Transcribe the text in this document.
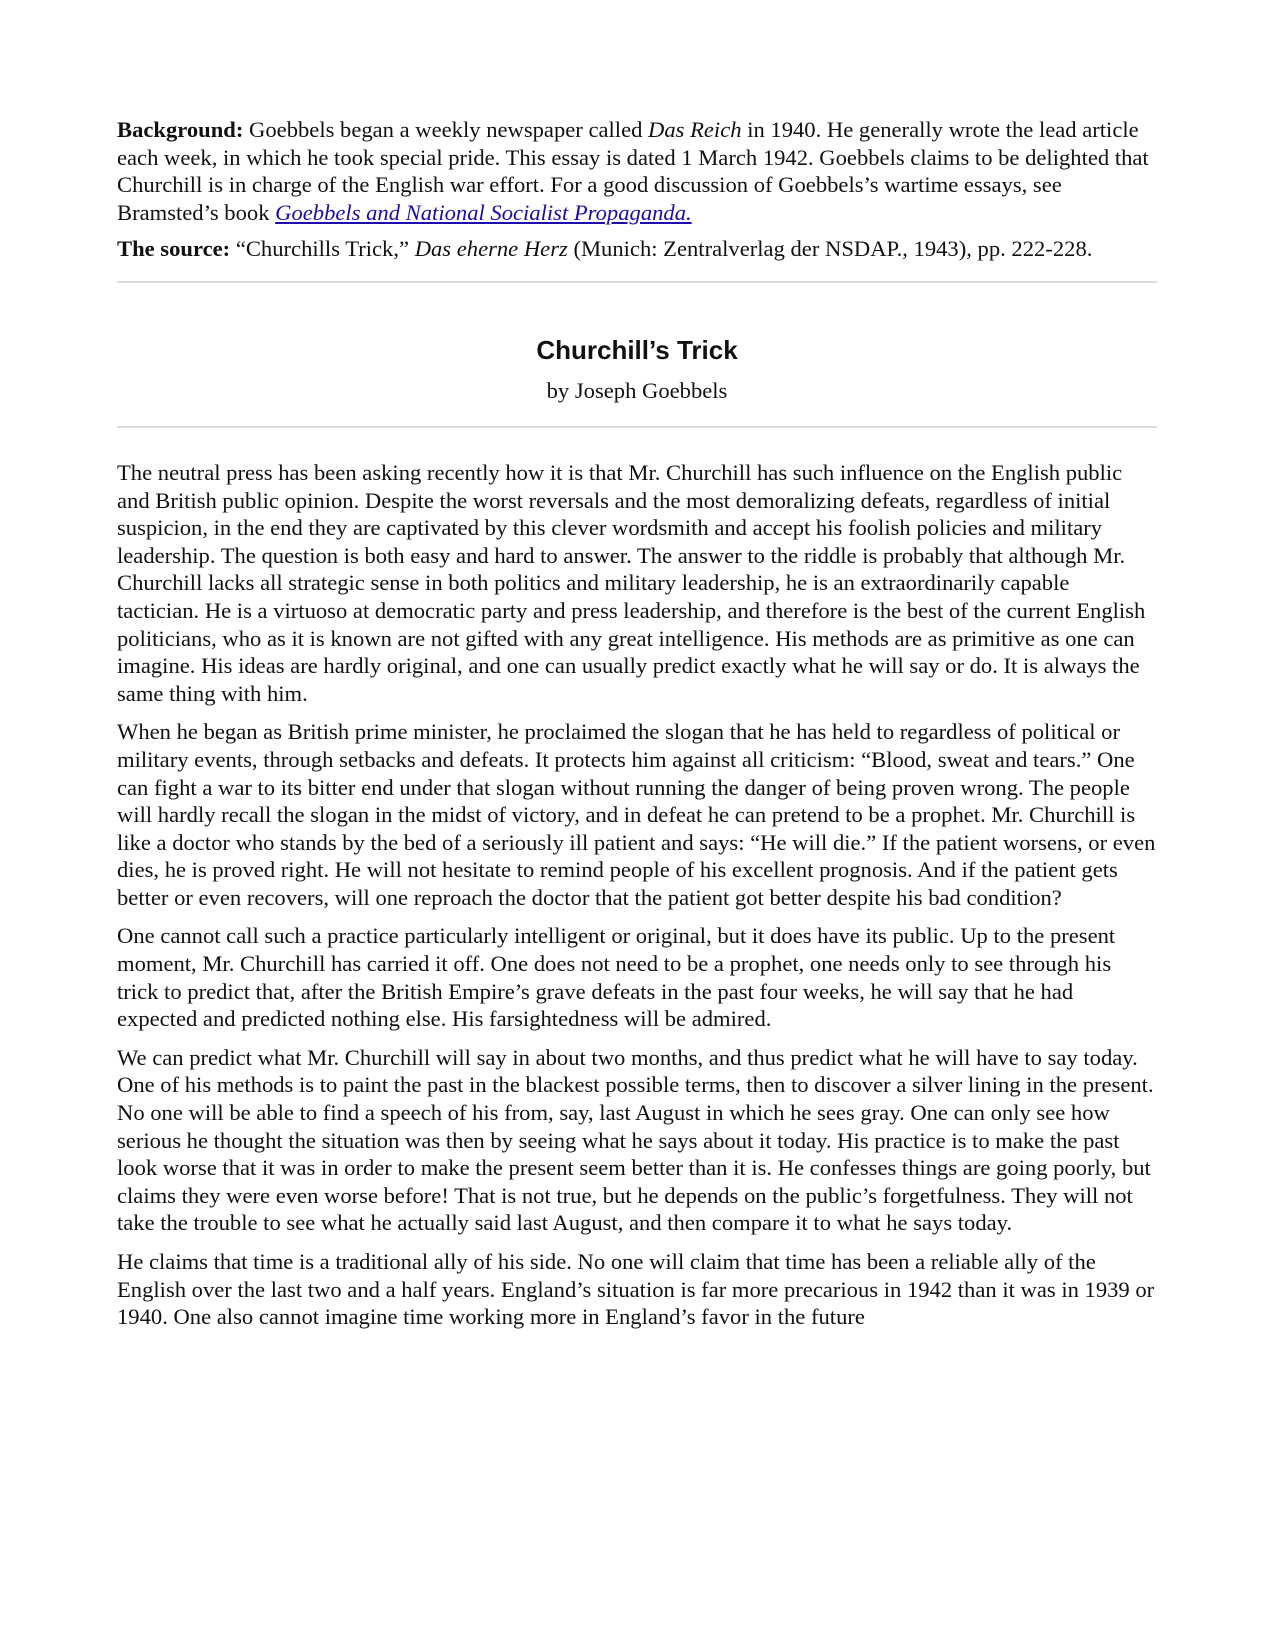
Background: Goebbels began a weekly newspaper called Das Reich in 1940. He generally wrote the lead article each week, in which he took special pride. This essay is dated 1 March 1942. Goebbels claims to be delighted that Churchill is in charge of the English war effort. For a good discussion of Goebbels’s wartime essays, see Bramsted’s book Goebbels and National Socialist Propaganda.

The source: “Churchills Trick,” Das eherne Herz (Munich: Zentralverlag der NSDAP., 1943), pp. 222-228.

Churchill’s Trick
by Joseph Goebbels

The neutral press has been asking recently how it is that Mr. Churchill has such influence on the English public and British public opinion. Despite the worst reversals and the most demoralizing defeats, regardless of initial suspicion, in the end they are captivated by this clever wordsmith and accept his foolish policies and military leadership. The question is both easy and hard to answer. The answer to the riddle is probably that although Mr. Churchill lacks all strategic sense in both politics and military leadership, he is an extraordinarily capable tactician. He is a virtuoso at democratic party and press leadership, and therefore is the best of the current English politicians, who as it is known are not gifted with any great intelligence. His methods are as primitive as one can imagine. His ideas are hardly original, and one can usually predict exactly what he will say or do. It is always the same thing with him.

When he began as British prime minister, he proclaimed the slogan that he has held to regardless of political or military events, through setbacks and defeats. It protects him against all criticism: “Blood, sweat and tears.” One can fight a war to its bitter end under that slogan without running the danger of being proven wrong. The people will hardly recall the slogan in the midst of victory, and in defeat he can pretend to be a prophet. Mr. Churchill is like a doctor who stands by the bed of a seriously ill patient and says: “He will die.” If the patient worsens, or even dies, he is proved right. He will not hesitate to remind people of his excellent prognosis. And if the patient gets better or even recovers, will one reproach the doctor that the patient got better despite his bad condition?

One cannot call such a practice particularly intelligent or original, but it does have its public. Up to the present moment, Mr. Churchill has carried it off. One does not need to be a prophet, one needs only to see through his trick to predict that, after the British Empire’s grave defeats in the past four weeks, he will say that he had expected and predicted nothing else. His farsightedness will be admired.

We can predict what Mr. Churchill will say in about two months, and thus predict what he will have to say today. One of his methods is to paint the past in the blackest possible terms, then to discover a silver lining in the present. No one will be able to find a speech of his from, say, last August in which he sees gray. One can only see how serious he thought the situation was then by seeing what he says about it today. His practice is to make the past look worse that it was in order to make the present seem better than it is. He confesses things are going poorly, but claims they were even worse before! That is not true, but he depends on the public’s forgetfulness. They will not take the trouble to see what he actually said last August, and then compare it to what he says today.

He claims that time is a traditional ally of his side. No one will claim that time has been a reliable ally of the English over the last two and a half years. England’s situation is far more precarious in 1942 than it was in 1939 or 1940. One also cannot imagine time working more in England’s favor in the future
